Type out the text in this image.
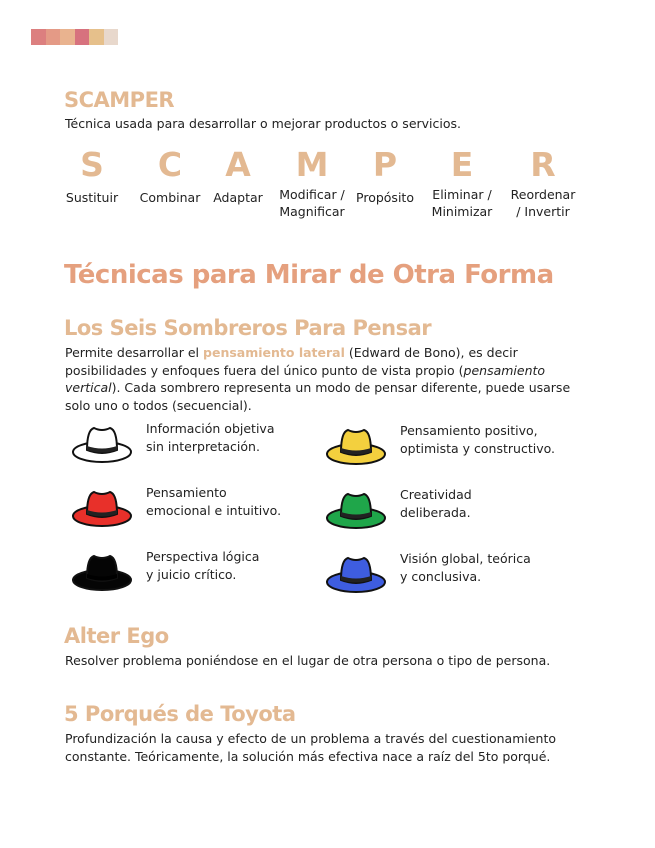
SCAMPER

Técnica usada para desarrollar o mejorar productos o servicios.

S
Sustituir
C
Combinar
A
Adaptar
M
Modificar /
Magnificar
P
Propósito
E
Eliminar /
Minimizar
R
Reordenar
/ Invertir
Técnicas para Mirar de Otra Forma
Los Seis Sombreros Para Pensar

Permite desarrollar el pensamiento lateral (Edward de Bono), es decir posibilidades y enfoques fuera del único punto de vista propio (pensamiento vertical). Cada sombrero representa un modo de pensar diferente, puede usarse solo uno o todos (secuencial).

Información objetiva
sin interpretación.
Pensamiento positivo,
optimista y constructivo.
Pensamiento
emocional e intuitivo.
Creatividad
deliberada.
Perspectiva lógica
y juicio crítico.
Visión global, teórica
y conclusiva.
Alter Ego

Resolver problema poniéndose en el lugar de otra persona o tipo de persona.

5 Porqués de Toyota
Profundización la causa y efecto de un problema a través del cuestionamiento
constante. Teóricamente, la solución más efectiva nace a raíz del 5to porqué.
